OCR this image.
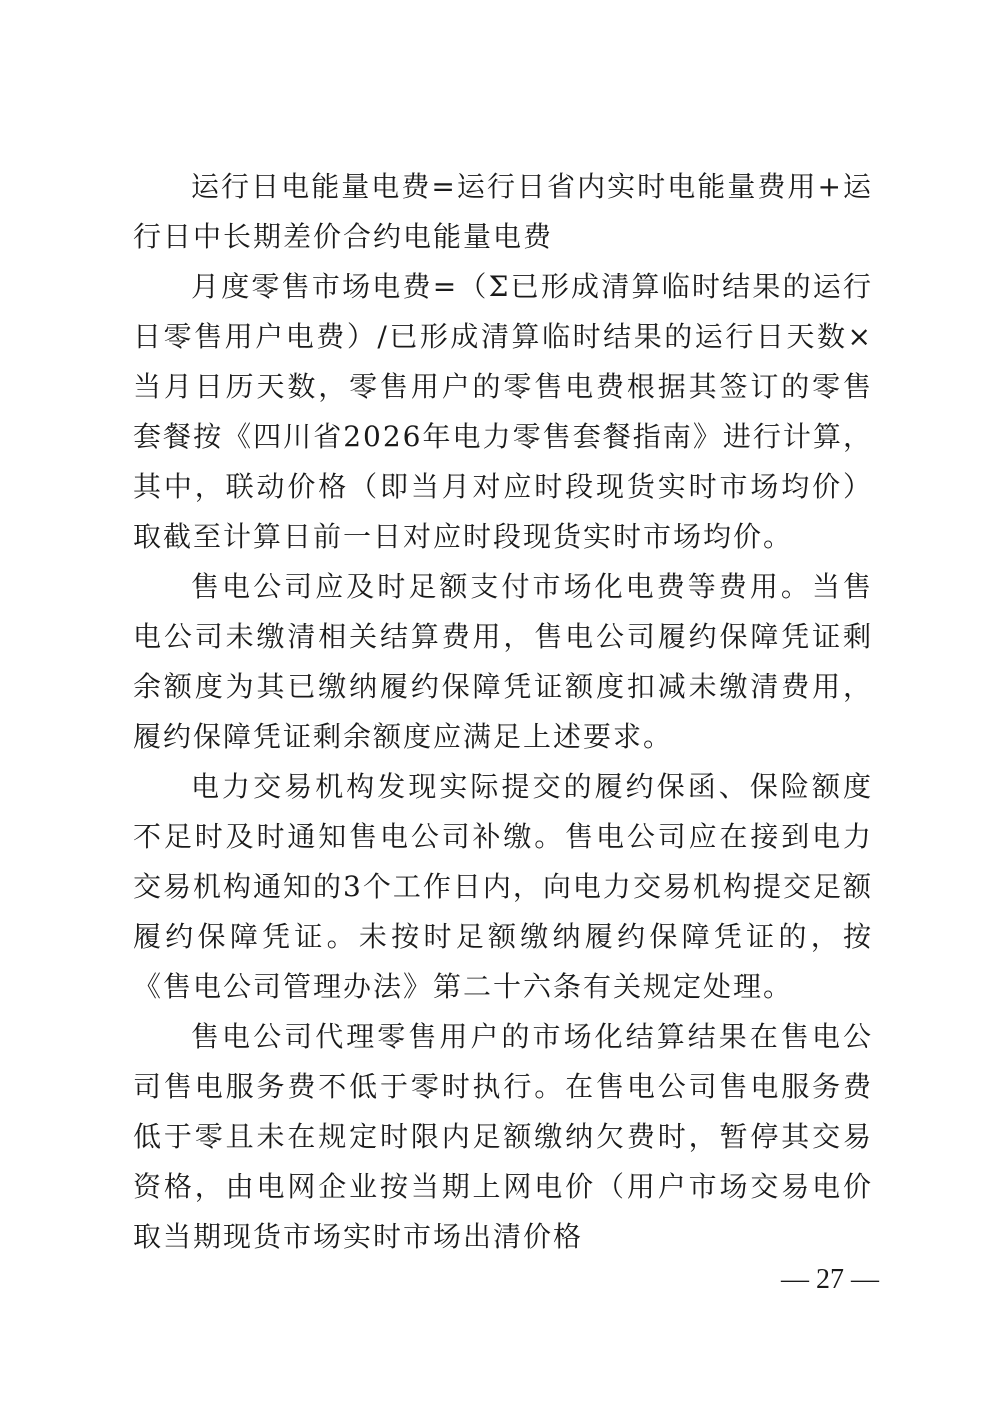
运行日电能量电费=运行日省内实时电能量费用+运行日中长期差价合约电能量电费

月度零售市场电费=（Σ已形成清算临时结果的运行日零售用户电费）/已形成清算临时结果的运行日天数×当月日历天数，零售用户的零售电费根据其签订的零售套餐按《四川省2026年电力零售套餐指南》进行计算，其中，联动价格（即当月对应时段现货实时市场均价）取截至计算日前一日对应时段现货实时市场均价。

售电公司应及时足额支付市场化电费等费用。当售电公司未缴清相关结算费用，售电公司履约保障凭证剩余额度为其已缴纳履约保障凭证额度扣减未缴清费用，履约保障凭证剩余额度应满足上述要求。

电力交易机构发现实际提交的履约保函、保险额度不足时及时通知售电公司补缴。售电公司应在接到电力交易机构通知的3个工作日内，向电力交易机构提交足额履约保障凭证。未按时足额缴纳履约保障凭证的，按《售电公司管理办法》第二十六条有关规定处理。

售电公司代理零售用户的市场化结算结果在售电公司售电服务费不低于零时执行。在售电公司售电服务费低于零且未在规定时限内足额缴纳欠费时，暂停其交易资格，由电网企业按当期上网电价（用户市场交易电价取当期现货市场实时市场出清价格

— 27 —
